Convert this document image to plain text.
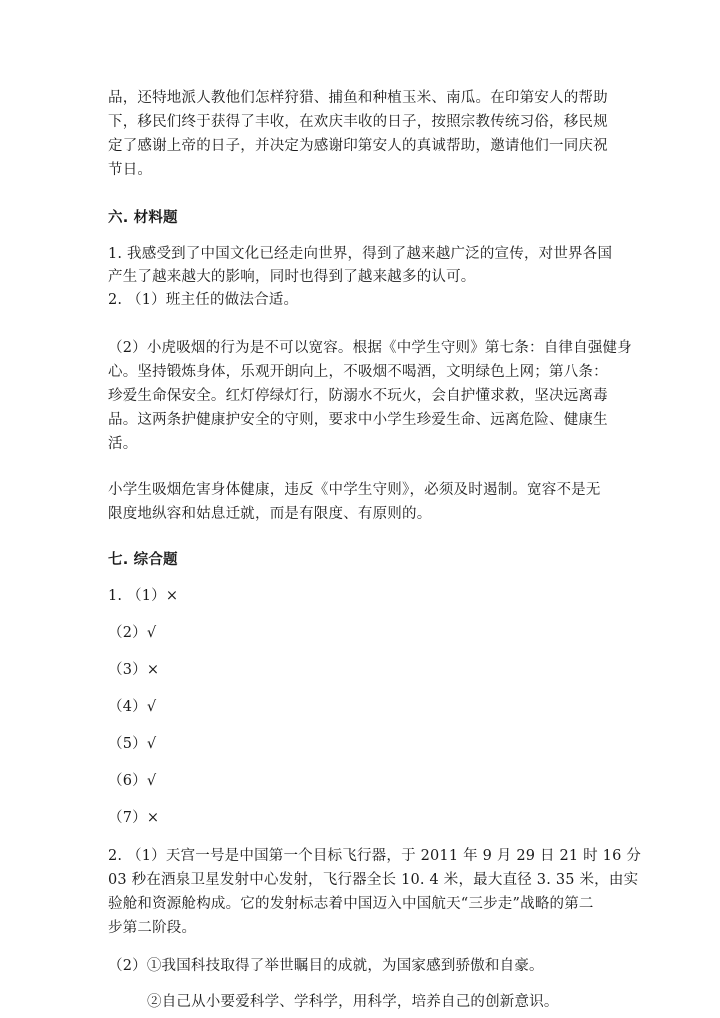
品，还特地派人教他们怎样狩猎、捕鱼和种植玉米、南瓜。在印第安人的帮助
下，移民们终于获得了丰收，在欢庆丰收的日子，按照宗教传统习俗，移民规
定了感谢上帝的日子，并决定为感谢印第安人的真诚帮助，邀请他们一同庆祝
节日。
六. 材料题
1. 我感受到了中国文化已经走向世界，得到了越来越广泛的宣传，对世界各国
产生了越来越大的影响，同时也得到了越来越多的认可。
2. （1）班主任的做法合适。
（2）小虎吸烟的行为是不可以宽容。根据《中学生守则》第七条：自律自强健身
心。坚持锻炼身体，乐观开朗向上，不吸烟不喝酒，文明绿色上网；第八条：
珍爱生命保安全。红灯停绿灯行，防溺水不玩火，会自护懂求救，坚决远离毒
品。这两条护健康护安全的守则，要求中小学生珍爱生命、远离危险、健康生
活。
小学生吸烟危害身体健康，违反《中学生守则》，必须及时遏制。宽容不是无
限度地纵容和姑息迁就，而是有限度、有原则的。
七. 综合题
1. （1）×
（2）√
（3）×
（4）√
（5）√
（6）√
（7）×
2. （1）天宫一号是中国第一个目标飞行器，于 2011 年 9 月 29 日 21 时 16 分
03 秒在酒泉卫星发射中心发射，飞行器全长 10. 4 米，最大直径 3. 35 米，由实
验舱和资源舱构成。它的发射标志着中国迈入中国航天“三步走”战略的第二
步第二阶段。
（2）①我国科技取得了举世瞩目的成就，为国家感到骄傲和自豪。
②自己从小要爱科学、学科学，用科学，培养自己的创新意识。
